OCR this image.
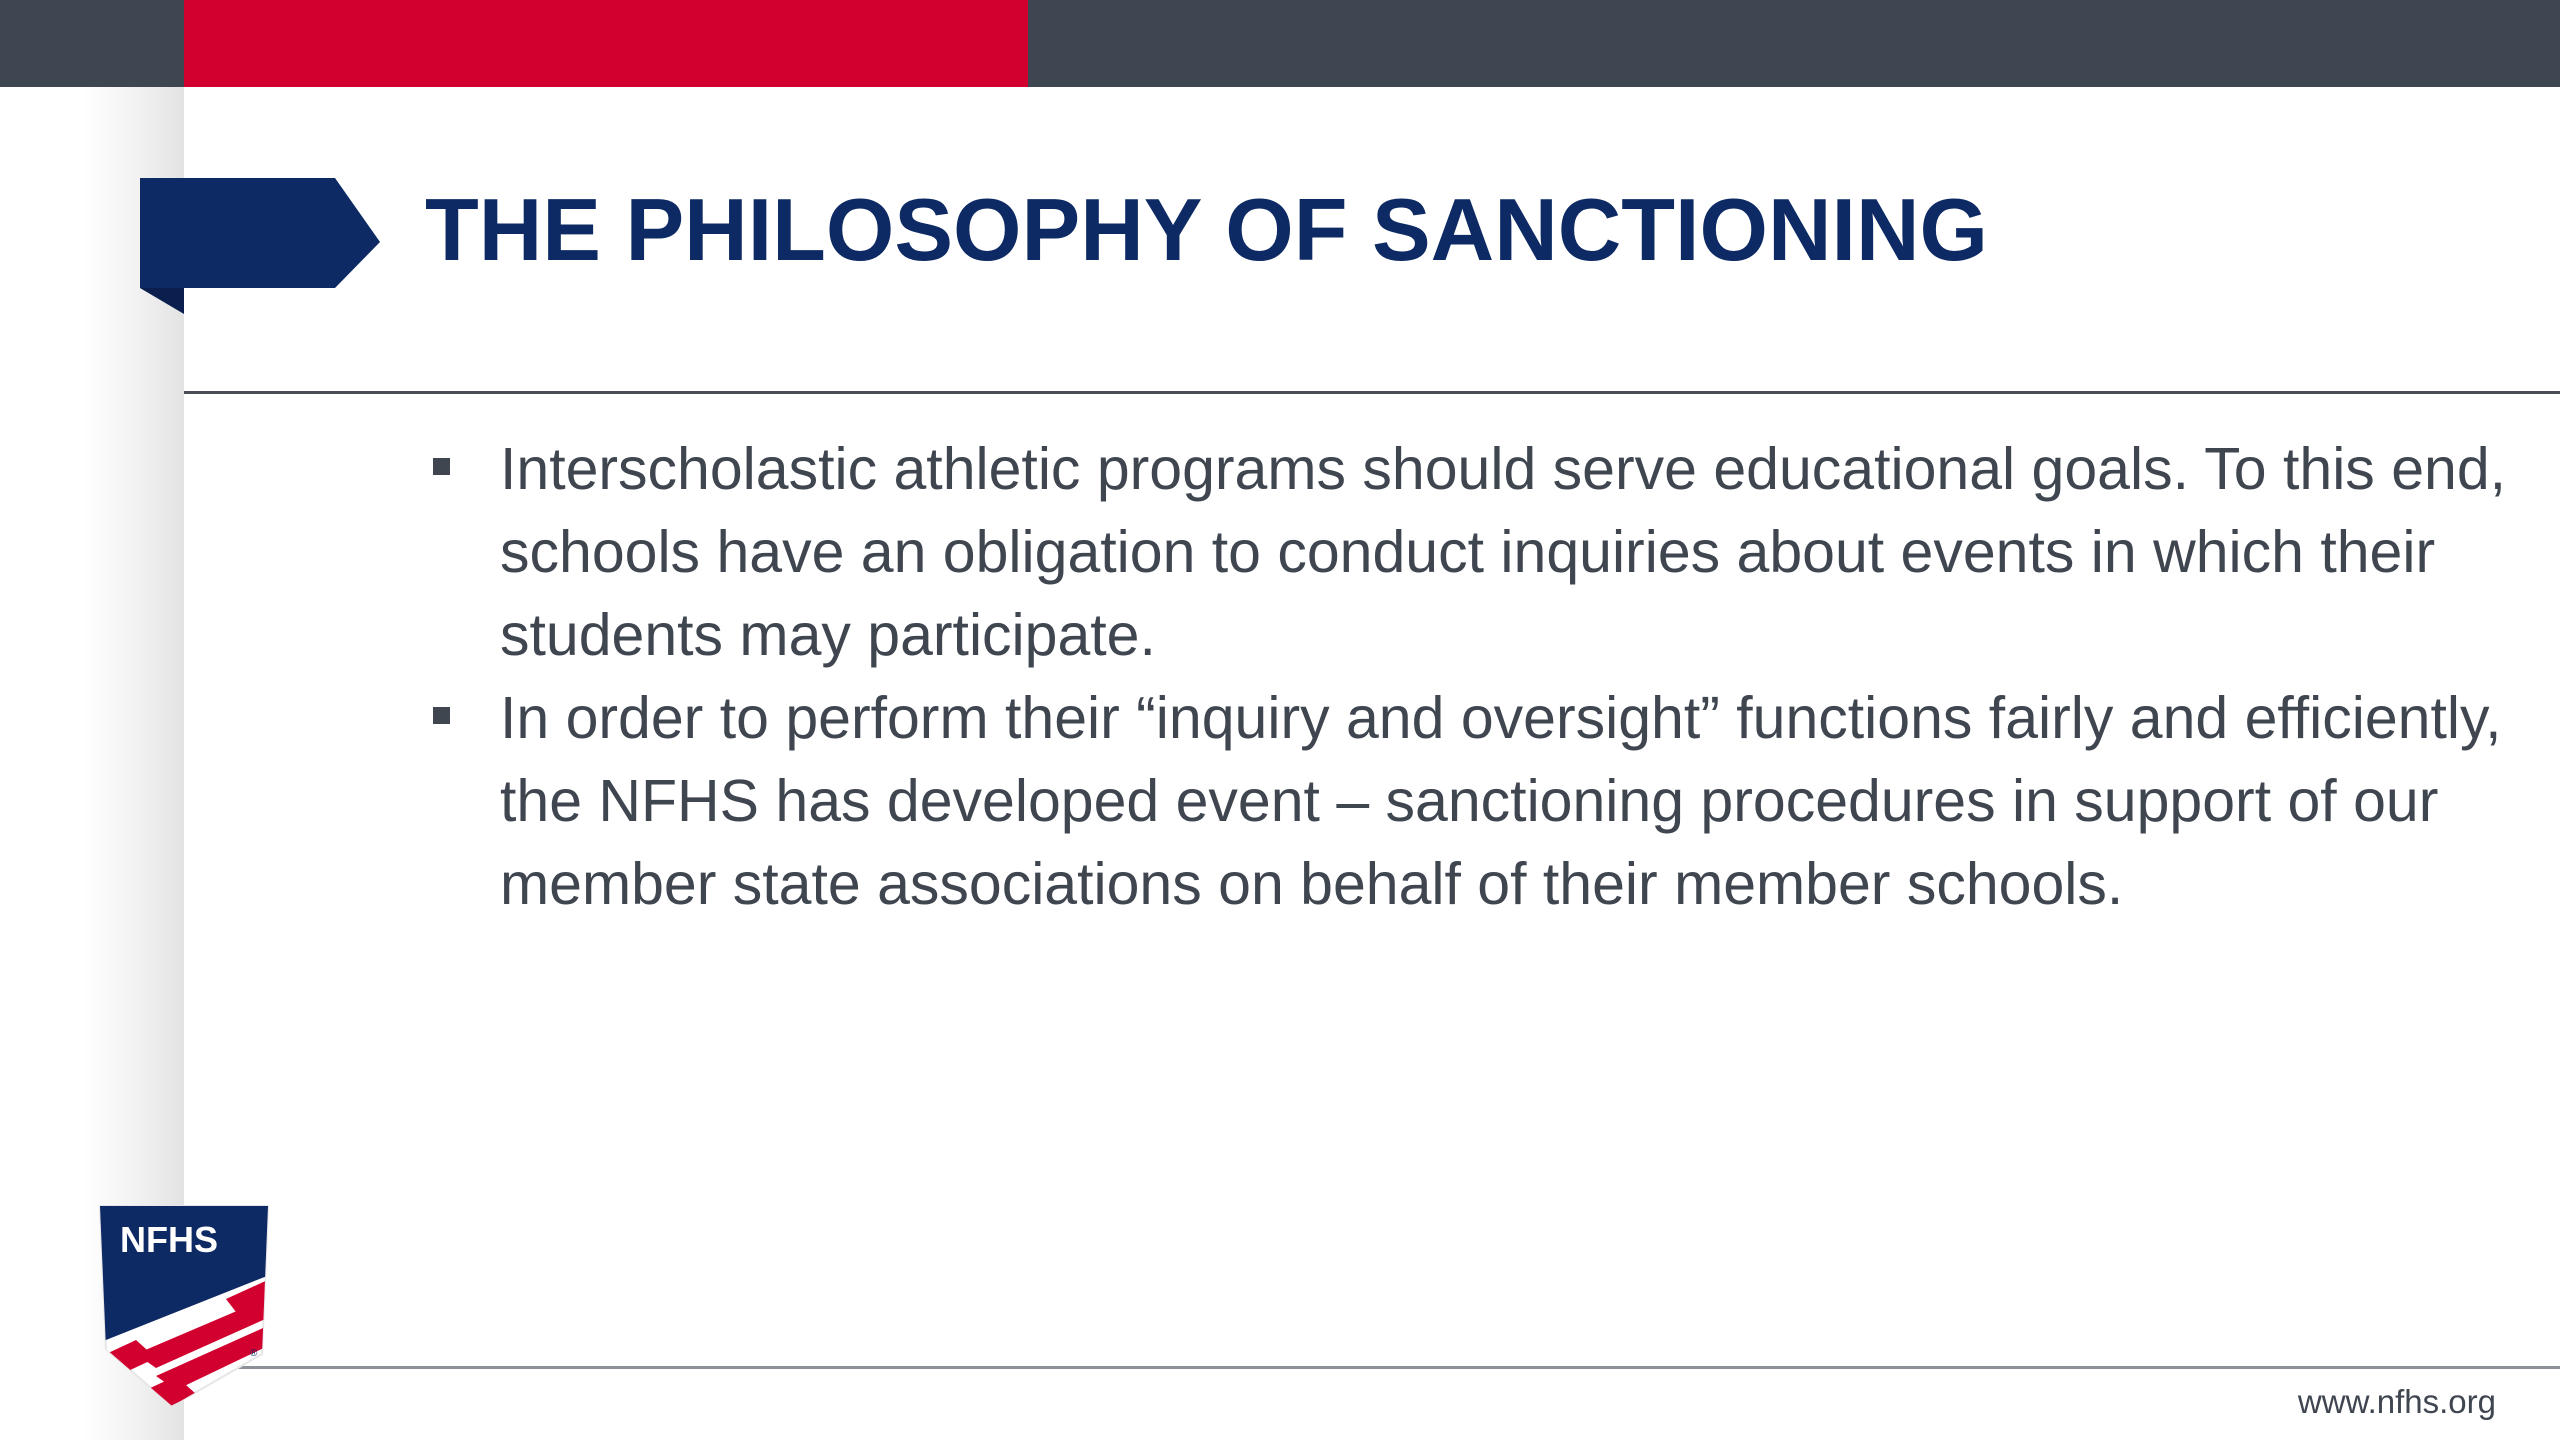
THE PHILOSOPHY OF SANCTIONING
Interscholastic athletic programs should serve educational goals. To this end, schools have an obligation to conduct inquiries about events in which their students may participate.
In order to perform their “inquiry and oversight” functions fairly and efficiently, the NFHS has developed event – sanctioning procedures in support of our member state associations on behalf of their member schools.
www.nfhs.org
NFHS
®
